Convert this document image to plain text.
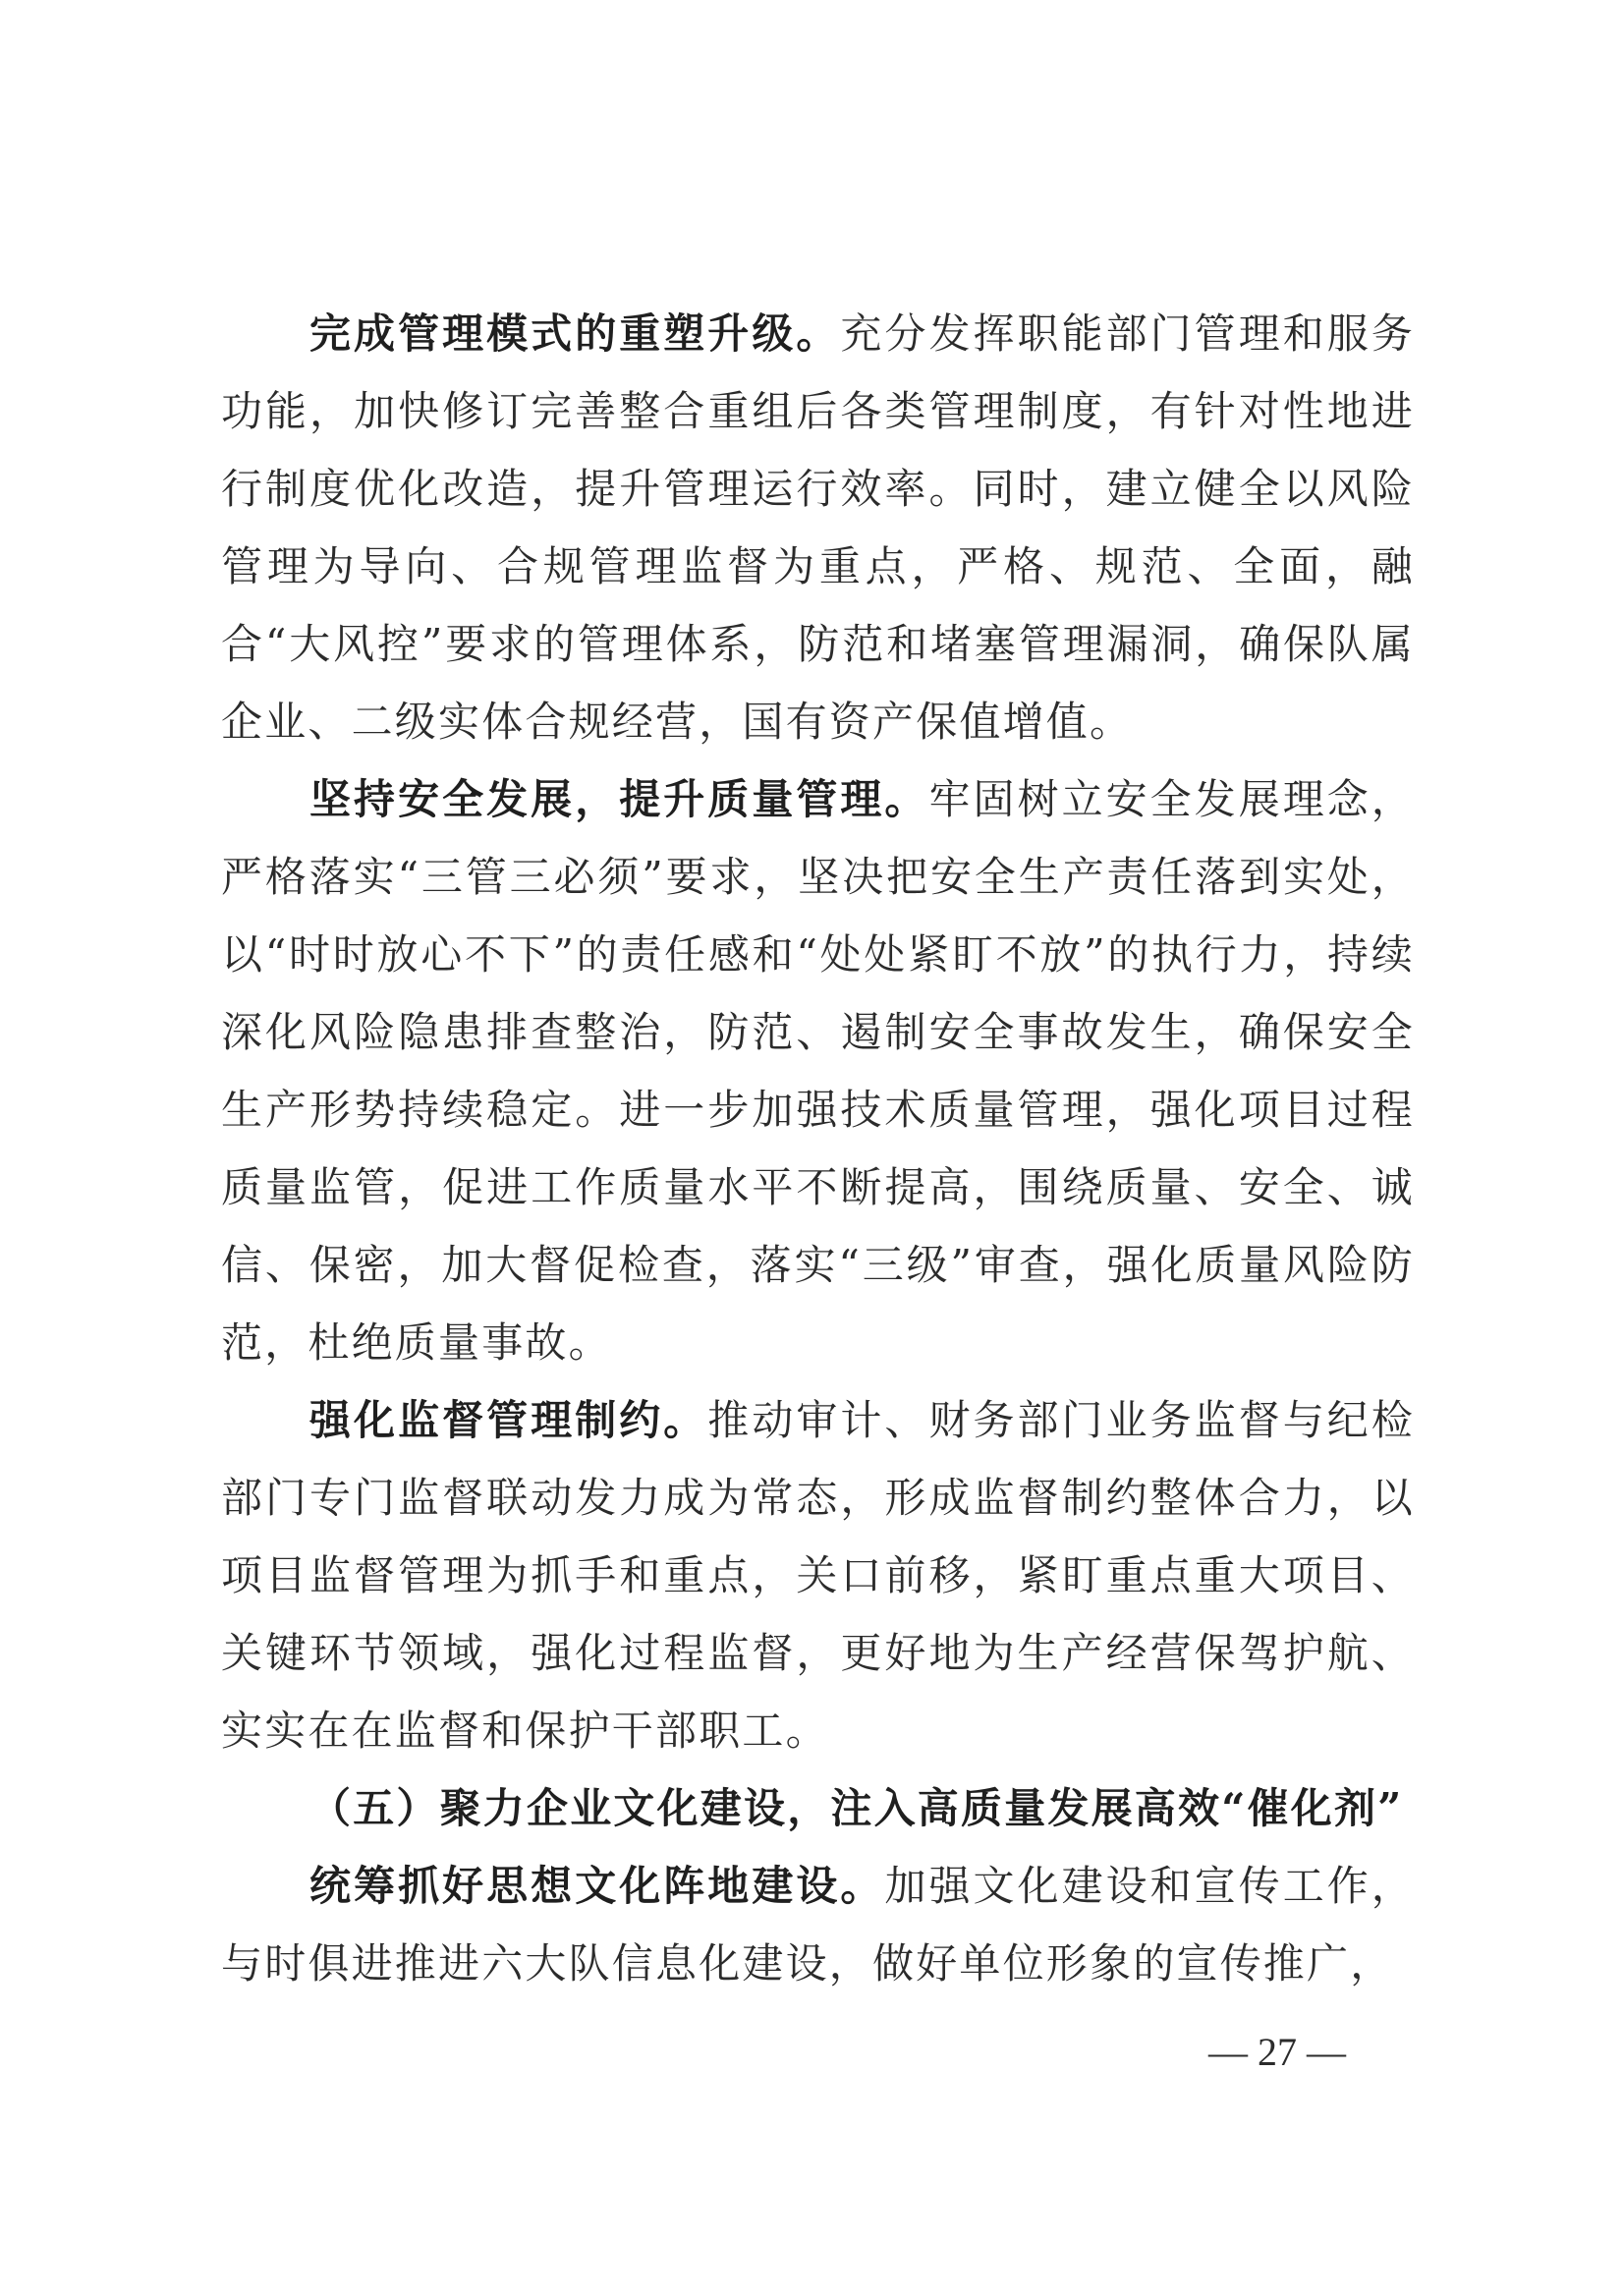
完成管理模式的重塑升级。充分发挥职能部门管理和服务功能，加快修订完善整合重组后各类管理制度，有针对性地进行制度优化改造，提升管理运行效率。同时，建立健全以风险管理为导向、合规管理监督为重点，严格、规范、全面，融合“大风控”要求的管理体系，防范和堵塞管理漏洞，确保队属企业、二级实体合规经营，国有资产保值增值。

坚持安全发展，提升质量管理。牢固树立安全发展理念，严格落实“三管三必须”要求，坚决把安全生产责任落到实处，以“时时放心不下”的责任感和“处处紧盯不放”的执行力，持续深化风险隐患排查整治，防范、遏制安全事故发生，确保安全生产形势持续稳定。进一步加强技术质量管理，强化项目过程质量监管，促进工作质量水平不断提高，围绕质量、安全、诚信、保密，加大督促检查，落实“三级”审查，强化质量风险防范，杜绝质量事故。

强化监督管理制约。推动审计、财务部门业务监督与纪检部门专门监督联动发力成为常态，形成监督制约整体合力，以项目监督管理为抓手和重点，关口前移，紧盯重点重大项目、关键环节领域，强化过程监督，更好地为生产经营保驾护航、实实在在监督和保护干部职工。

（五）聚力企业文化建设，注入高质量发展高效“催化剂”

统筹抓好思想文化阵地建设。加强文化建设和宣传工作，与时俱进推进六大队信息化建设，做好单位形象的宣传推广，

— 27 —
